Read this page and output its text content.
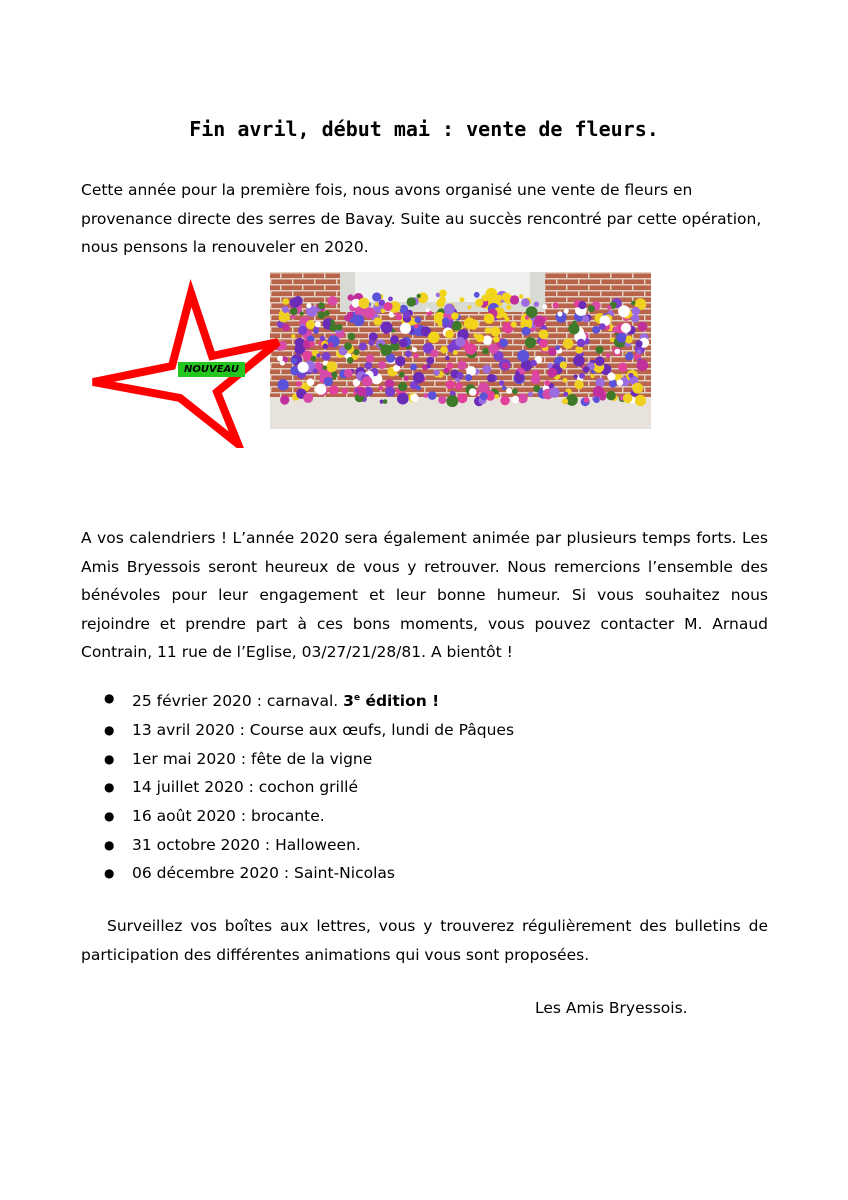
Fin avril, début mai : vente de fleurs.

Cette année pour la première fois, nous avons organisé une vente de fleurs en provenance directe des serres de Bavay. Suite au succès rencontré par cette opération, nous pensons la renouveler en 2020.

NOUVEAU

A vos calendriers ! L’année 2020 sera également animée par plusieurs temps forts. Les Amis Bryessois seront heureux de vous y retrouver. Nous remercions l’ensemble des bénévoles pour leur engagement et leur bonne humeur. Si vous souhaitez nous rejoindre et prendre part à ces bons moments, vous pouvez contacter M. Arnaud Contrain, 11 rue de l’Eglise, 03/27/21/28/81. A bientôt !

● 25 février 2020 : carnaval. 3e édition !
● 13 avril 2020 : Course aux œufs, lundi de Pâques
● 1er mai 2020 : fête de la vigne
● 14 juillet 2020 : cochon grillé
● 16 août 2020 : brocante.
● 31 octobre 2020 : Halloween.
● 06 décembre 2020 : Saint-Nicolas

Surveillez vos boîtes aux lettres, vous y trouverez régulièrement des bulletins de participation des différentes animations qui vous sont proposées.

Les Amis Bryessois.
